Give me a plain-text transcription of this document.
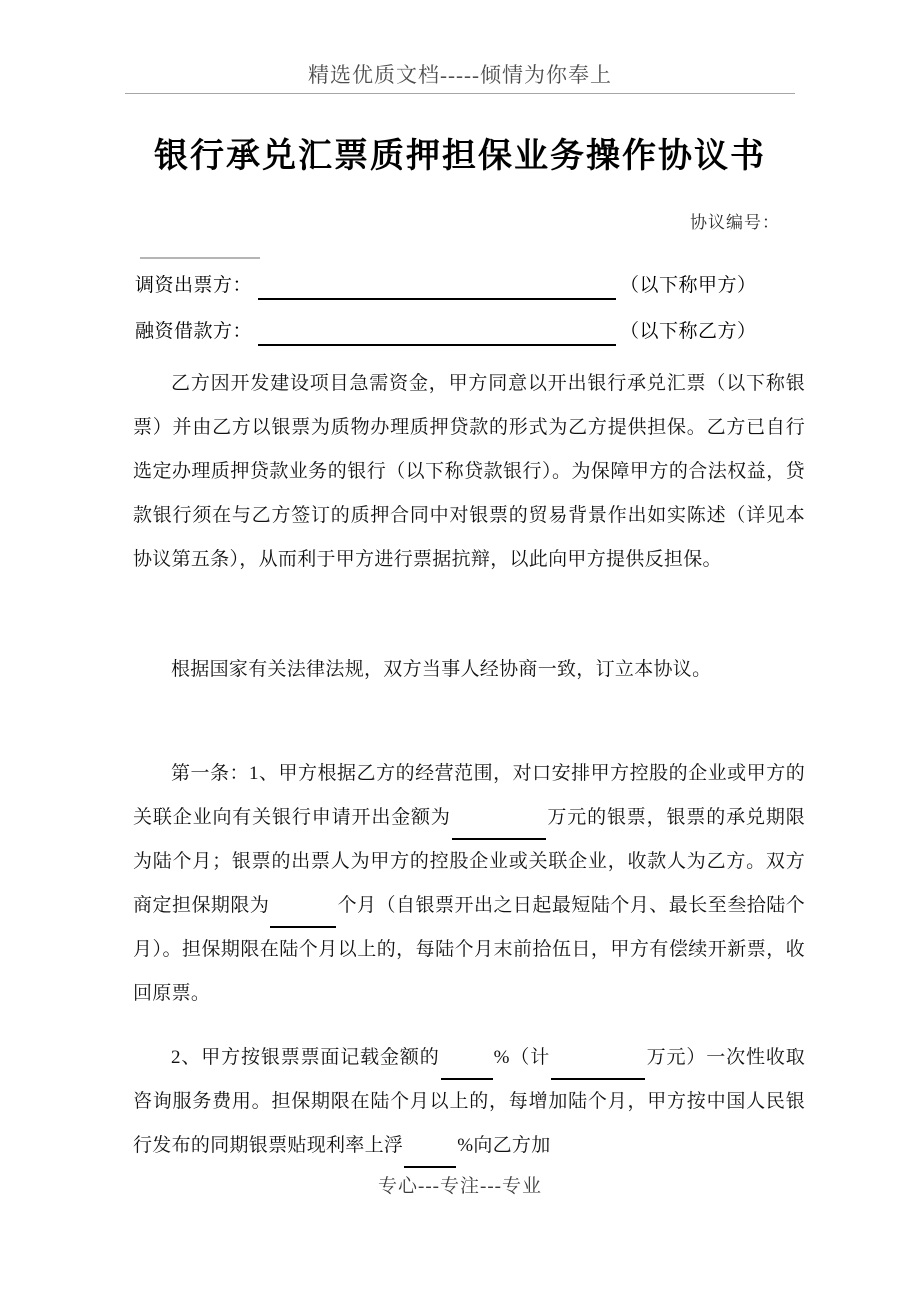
精选优质文档-----倾情为你奉上
银行承兑汇票质押担保业务操作协议书
协议编号：
调资出票方：	（以下称甲方）
融资借款方：	（以下称乙方）

乙方因开发建设项目急需资金，甲方同意以开出银行承兑汇票（以下称银票）并由乙方以银票为质物办理质押贷款的形式为乙方提供担保。乙方已自行选定办理质押贷款业务的银行（以下称贷款银行）。为保障甲方的合法权益，贷款银行须在与乙方签订的质押合同中对银票的贸易背景作出如实陈述（详见本协议第五条），从而利于甲方进行票据抗辩，以此向甲方提供反担保。

根据国家有关法律法规，双方当事人经协商一致，订立本协议。

第一条：1、甲方根据乙方的经营范围，对口安排甲方控股的企业或甲方的关联企业向有关银行申请开出金额为	万元的银票，银票的承兑期限为陆个月；银票的出票人为甲方的控股企业或关联企业，收款人为乙方。双方商定担保期限为	个月（自银票开出之日起最短陆个月、最长至叁拾陆个月）。担保期限在陆个月以上的，每陆个月末前拾伍日，甲方有偿续开新票，收回原票。

2、甲方按银票票面记载金额的	%（计	万元）一次性收取咨询服务费用。担保期限在陆个月以上的，每增加陆个月，甲方按中国人民银行发布的同期银票贴现利率上浮	%向乙方加

专心---专注---专业
